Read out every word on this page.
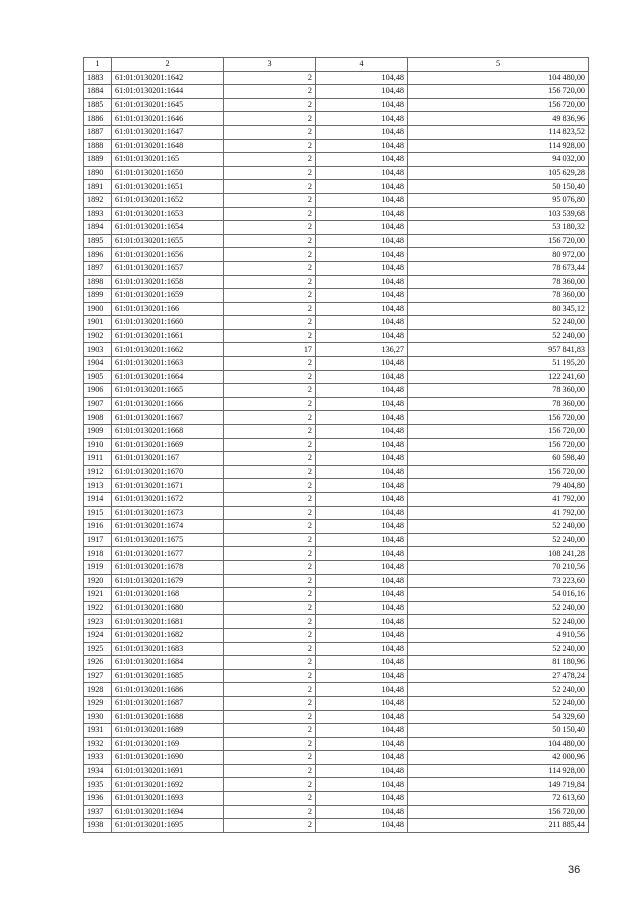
1	2	3	4	5
1883	61:01:0130201:1642	2	104,48	104 480,00
1884	61:01:0130201:1644	2	104,48	156 720,00
1885	61:01:0130201:1645	2	104,48	156 720,00
1886	61:01:0130201:1646	2	104,48	49 836,96
1887	61:01:0130201:1647	2	104,48	114 823,52
1888	61:01:0130201:1648	2	104,48	114 928,00
1889	61:01:0130201:165	2	104,48	94 032,00
1890	61:01:0130201:1650	2	104,48	105 629,28
1891	61:01:0130201:1651	2	104,48	50 150,40
1892	61:01:0130201:1652	2	104,48	95 076,80
1893	61:01:0130201:1653	2	104,48	103 539,68
1894	61:01:0130201:1654	2	104,48	53 180,32
1895	61:01:0130201:1655	2	104,48	156 720,00
1896	61:01:0130201:1656	2	104,48	80 972,00
1897	61:01:0130201:1657	2	104,48	78 673,44
1898	61:01:0130201:1658	2	104,48	78 360,00
1899	61:01:0130201:1659	2	104,48	78 360,00
1900	61:01:0130201:166	2	104,48	80 345,12
1901	61:01:0130201:1660	2	104,48	52 240,00
1902	61:01:0130201:1661	2	104,48	52 240,00
1903	61:01:0130201:1662	17	136,27	957 841,83
1904	61:01:0130201:1663	2	104,48	51 195,20
1905	61:01:0130201:1664	2	104,48	122 241,60
1906	61:01:0130201:1665	2	104,48	78 360,00
1907	61:01:0130201:1666	2	104,48	78 360,00
1908	61:01:0130201:1667	2	104,48	156 720,00
1909	61:01:0130201:1668	2	104,48	156 720,00
1910	61:01:0130201:1669	2	104,48	156 720,00
1911	61:01:0130201:167	2	104,48	60 598,40
1912	61:01:0130201:1670	2	104,48	156 720,00
1913	61:01:0130201:1671	2	104,48	79 404,80
1914	61:01:0130201:1672	2	104,48	41 792,00
1915	61:01:0130201:1673	2	104,48	41 792,00
1916	61:01:0130201:1674	2	104,48	52 240,00
1917	61:01:0130201:1675	2	104,48	52 240,00
1918	61:01:0130201:1677	2	104,48	108 241,28
1919	61:01:0130201:1678	2	104,48	70 210,56
1920	61:01:0130201:1679	2	104,48	73 223,60
1921	61:01:0130201:168	2	104,48	54 016,16
1922	61:01:0130201:1680	2	104,48	52 240,00
1923	61:01:0130201:1681	2	104,48	52 240,00
1924	61:01:0130201:1682	2	104,48	4 910,56
1925	61:01:0130201:1683	2	104,48	52 240,00
1926	61:01:0130201:1684	2	104,48	81 180,96
1927	61:01:0130201:1685	2	104,48	27 478,24
1928	61:01:0130201:1686	2	104,48	52 240,00
1929	61:01:0130201:1687	2	104,48	52 240,00
1930	61:01:0130201:1688	2	104,48	54 329,60
1931	61:01:0130201:1689	2	104,48	50 150,40
1932	61:01:0130201:169	2	104,48	104 480,00
1933	61:01:0130201:1690	2	104,48	42 000,96
1934	61:01:0130201:1691	2	104,48	114 928,00
1935	61:01:0130201:1692	2	104,48	149 719,84
1936	61:01:0130201:1693	2	104,48	72 613,60
1937	61:01:0130201:1694	2	104,48	156 720,00
1938	61:01:0130201:1695	2	104,48	211 885,44
36
